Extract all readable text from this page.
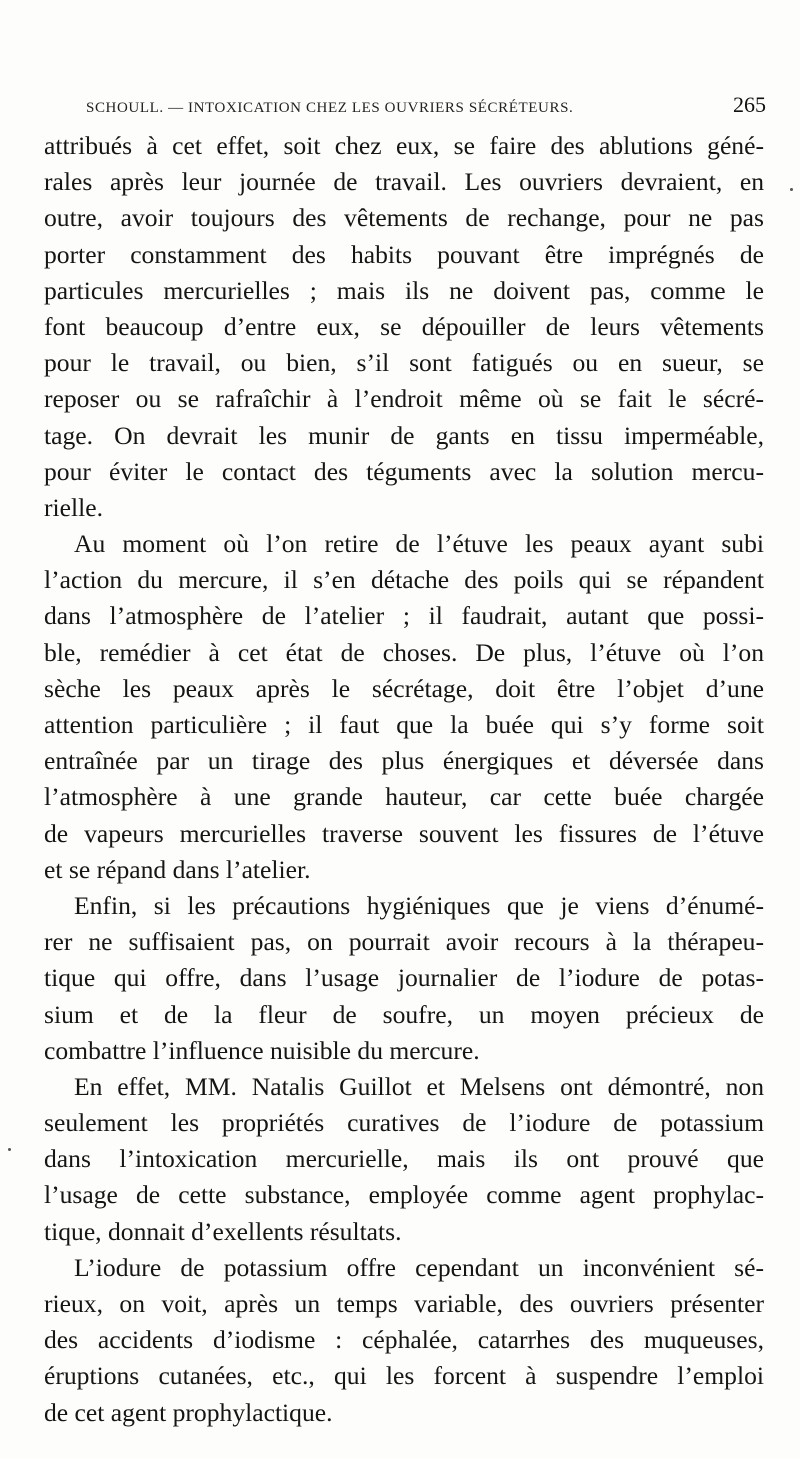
SCHOULL. — INTOXICATION CHEZ LES OUVRIERS SÉCRÉTEURS.	265
attribués à cet effet, soit chez eux, se faire des ablutions géné-
rales après leur journée de travail. Les ouvriers devraient, en
outre, avoir toujours des vêtements de rechange, pour ne pas
porter constamment des habits pouvant être imprégnés de
particules mercurielles ; mais ils ne doivent pas, comme le
font beaucoup d’entre eux, se dépouiller de leurs vêtements
pour le travail, ou bien, s’il sont fatigués ou en sueur, se
reposer ou se rafraîchir à l’endroit même où se fait le sécré-
tage. On devrait les munir de gants en tissu imperméable,
pour éviter le contact des téguments avec la solution mercu-
rielle.
Au moment où l’on retire de l’étuve les peaux ayant subi
l’action du mercure, il s’en détache des poils qui se répandent
dans l’atmosphère de l’atelier ; il faudrait, autant que possi-
ble, remédier à cet état de choses. De plus, l’étuve où l’on
sèche les peaux après le sécrétage, doit être l’objet d’une
attention particulière ; il faut que la buée qui s’y forme soit
entraînée par un tirage des plus énergiques et déversée dans
l’atmosphère à une grande hauteur, car cette buée chargée
de vapeurs mercurielles traverse souvent les fissures de l’étuve
et se répand dans l’atelier.
Enfin, si les précautions hygiéniques que je viens d’énumé-
rer ne suffisaient pas, on pourrait avoir recours à la thérapeu-
tique qui offre, dans l’usage journalier de l’iodure de potas-
sium et de la fleur de soufre, un moyen précieux de
combattre l’influence nuisible du mercure.
En effet, MM. Natalis Guillot et Melsens ont démontré, non
seulement les propriétés curatives de l’iodure de potassium
dans l’intoxication mercurielle, mais ils ont prouvé que
l’usage de cette substance, employée comme agent prophylac-
tique, donnait d’exellents résultats.
L’iodure de potassium offre cependant un inconvénient sé-
rieux, on voit, après un temps variable, des ouvriers présenter
des accidents d’iodisme : céphalée, catarrhes des muqueuses,
éruptions cutanées, etc., qui les forcent à suspendre l’emploi
de cet agent prophylactique.
